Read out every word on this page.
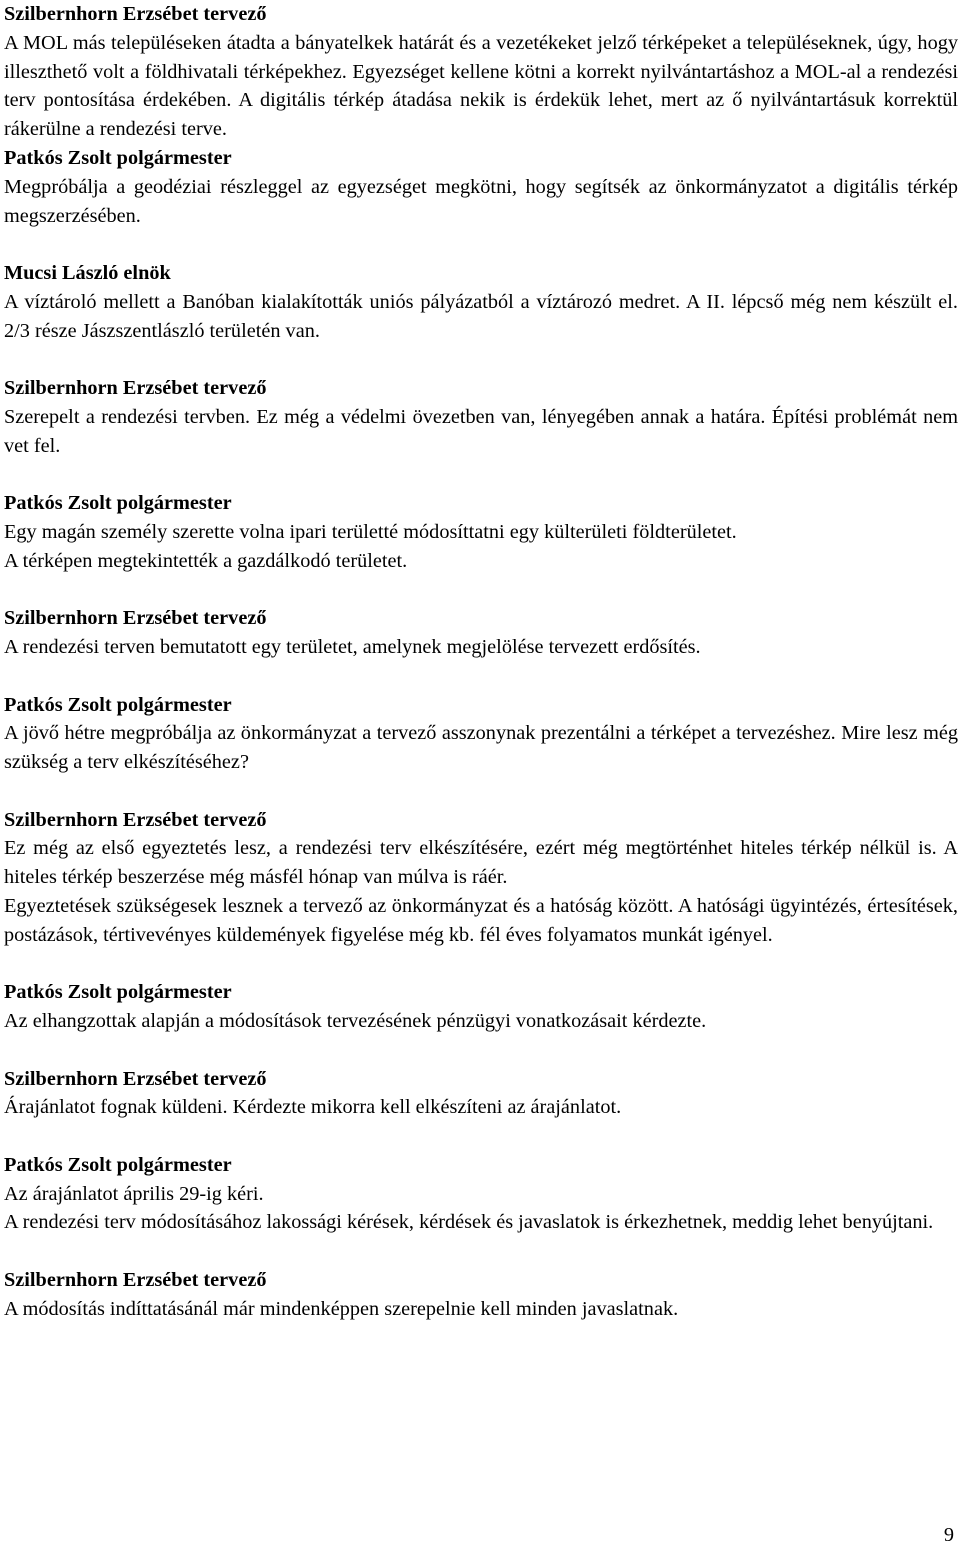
Szilbernhorn Erzsébet tervező

A MOL más településeken átadta a bányatelkek határát és a vezetékeket jelző térképeket a településeknek, úgy, hogy illeszthető volt a földhivatali térképekhez. Egyezséget kellene kötni a korrekt nyilvántartáshoz a MOL-al a rendezési terv pontosítása érdekében. A digitális térkép átadása nekik is érdekük lehet, mert az ő nyilvántartásuk korrektül rákerülne a rendezési terve.

Patkós Zsolt polgármester

Megpróbálja a geodéziai részleggel az egyezséget megkötni, hogy segítsék az önkormányzatot a digitális térkép megszerzésében.

Mucsi László elnök

A víztároló mellett a Banóban kialakították uniós pályázatból a víztározó medret. A II. lépcső még nem készült el. 2/3 része Jászszentlászló területén van.

Szilbernhorn Erzsébet tervező

Szerepelt a rendezési tervben. Ez még a védelmi övezetben van, lényegében annak a határa. Építési problémát nem vet fel.

Patkós Zsolt polgármester

Egy magán személy szerette volna ipari területté módosíttatni egy külterületi földterületet.

A térképen megtekintették a gazdálkodó területet.

Szilbernhorn Erzsébet tervező

A rendezési terven bemutatott egy területet, amelynek megjelölése tervezett erdősítés.

Patkós Zsolt polgármester

A jövő hétre megpróbálja az önkormányzat a tervező asszonynak prezentálni a térképet a tervezéshez. Mire lesz még szükség a terv elkészítéséhez?

Szilbernhorn Erzsébet tervező

Ez még az első egyeztetés lesz, a rendezési terv elkészítésére, ezért még megtörténhet hiteles térkép nélkül is. A hiteles térkép beszerzése még másfél hónap van múlva is ráér.

Egyeztetések szükségesek lesznek a tervező az önkormányzat és a hatóság között. A hatósági ügyintézés, értesítések, postázások, tértivevényes küldemények figyelése még kb. fél éves folyamatos munkát igényel.

Patkós Zsolt polgármester

Az elhangzottak alapján a módosítások tervezésének pénzügyi vonatkozásait kérdezte.

Szilbernhorn Erzsébet tervező

Árajánlatot fognak küldeni. Kérdezte mikorra kell elkészíteni az árajánlatot.

Patkós Zsolt polgármester

Az árajánlatot április 29-ig kéri.

A rendezési terv módosításához lakossági kérések, kérdések és javaslatok is érkezhetnek, meddig lehet benyújtani.

Szilbernhorn Erzsébet tervező

A módosítás indíttatásánál már mindenképpen szerepelnie kell minden javaslatnak.

9
